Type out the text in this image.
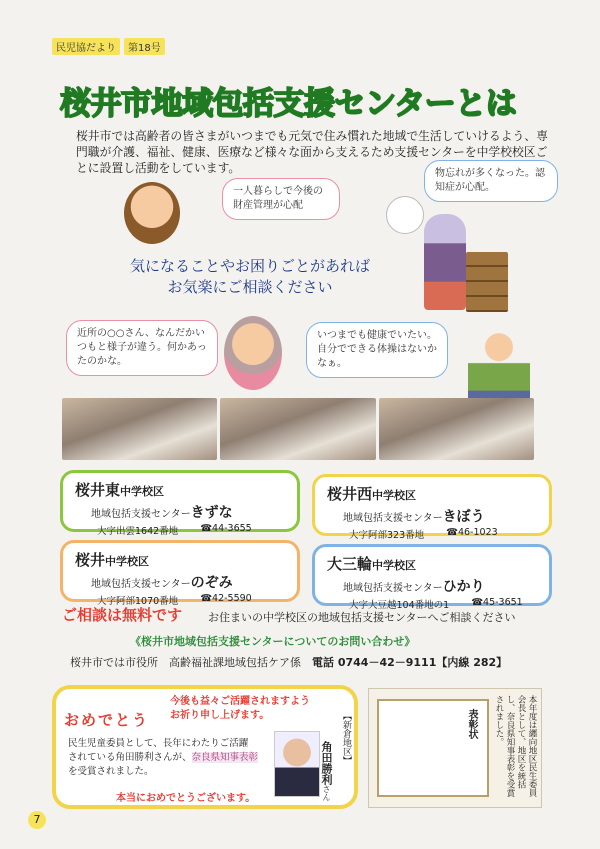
民児協だより	第18号
桜井市地域包括支援センターとは
桜井市では高齢者の皆さまがいつまでも元気で住み慣れた地域で生活していけるよう、専門職が介護、福祉、健康、医療など様々な面から支えるため支援センターを中学校校区ごとに設置し活動をしています。
一人暮らしで今後の財産管理が心配
物忘れが多くなった。認知症が心配。
気になることやお困りごとがあれば
お気楽にご相談ください
近所の○○さん、なんだかいつもと様子が違う。何かあったのかな。
いつまでも健康でいたい。自分でできる体操はないかなぁ。
桜井東中学校区
地域包括支援センターきずな
大字出雲1642番地 ☎44-3655
桜井西中学校区
地域包括支援センターきぼう
大字阿部323番地 ☎46-1023
桜井中学校区
地域包括支援センターのぞみ
大字阿部1070番地 ☎42-5590
大三輪中学校区
地域包括支援センターひかり
大字大豆越104番地の1 ☎45-3651
ご相談は無料です お住まいの中学校区の地域包括支援センターへご相談ください
《桜井市地域包括支援センターについてのお問い合わせ》
桜井市では市役所　高齢福祉課地域包括ケア係　 電話 0744－42－9111【内線 282】
おめでとう
今後も益々ご活躍されますよう
お祈り申し上げます。
民生児童委員として、長年にわたりご活躍
されている角田勝利さんが、奈良県知事表彰
を受賞されました。
本当におめでとうございます。
【新倉地区】
角田勝利さん
表彰状	本年度は纒向地区民生委員会長として、地区を統括し、奈良県知事表彰を受賞されました。
7
